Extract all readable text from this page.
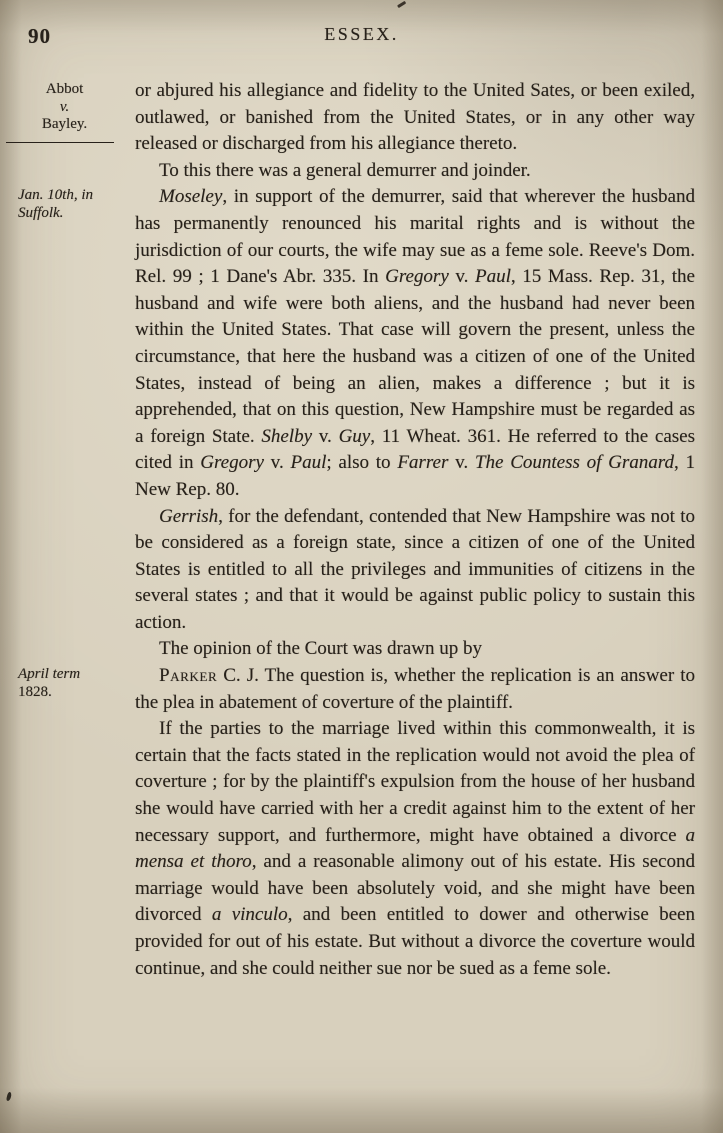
90	ESSEX.
Abbot
v.
Bayley.

or abjured his allegiance and fidelity to the United Sates, or been exiled, outlawed, or banished from the United States, or in any other way released or discharged from his allegiance thereto.

To this there was a general demurrer and joinder.

Jan. 10th, in
Suffolk.

Moseley, in support of the demurrer, said that wherever the husband has permanently renounced his marital rights and is without the jurisdiction of our courts, the wife may sue as a feme sole. Reeve's Dom. Rel. 99 ; 1 Dane's Abr. 335. In Gregory v. Paul, 15 Mass. Rep. 31, the husband and wife were both aliens, and the husband had never been within the United States. That case will govern the present, unless the circumstance, that here the husband was a citizen of one of the United States, instead of being an alien, makes a difference ; but it is apprehended, that on this question, New Hampshire must be regarded as a foreign State. Shelby v. Guy, 11 Wheat. 361. He referred to the cases cited in Gregory v. Paul; also to Farrer v. The Countess of Granard, 1 New Rep. 80.

Gerrish, for the defendant, contended that New Hampshire was not to be considered as a foreign state, since a citizen of one of the United States is entitled to all the privileges and immunities of citizens in the several states ; and that it would be against public policy to sustain this action.

The opinion of the Court was drawn up by

April term
1828.

Parker C. J. The question is, whether the replication is an answer to the plea in abatement of coverture of the plaintiff.

If the parties to the marriage lived within this commonwealth, it is certain that the facts stated in the replication would not avoid the plea of coverture ; for by the plaintiff's expulsion from the house of her husband she would have carried with her a credit against him to the extent of her necessary support, and furthermore, might have obtained a divorce a mensa et thoro, and a reasonable alimony out of his estate. His second marriage would have been absolutely void, and she might have been divorced a vinculo, and been entitled to dower and otherwise been provided for out of his estate. But without a divorce the coverture would continue, and she could neither sue nor be sued as a feme sole.
